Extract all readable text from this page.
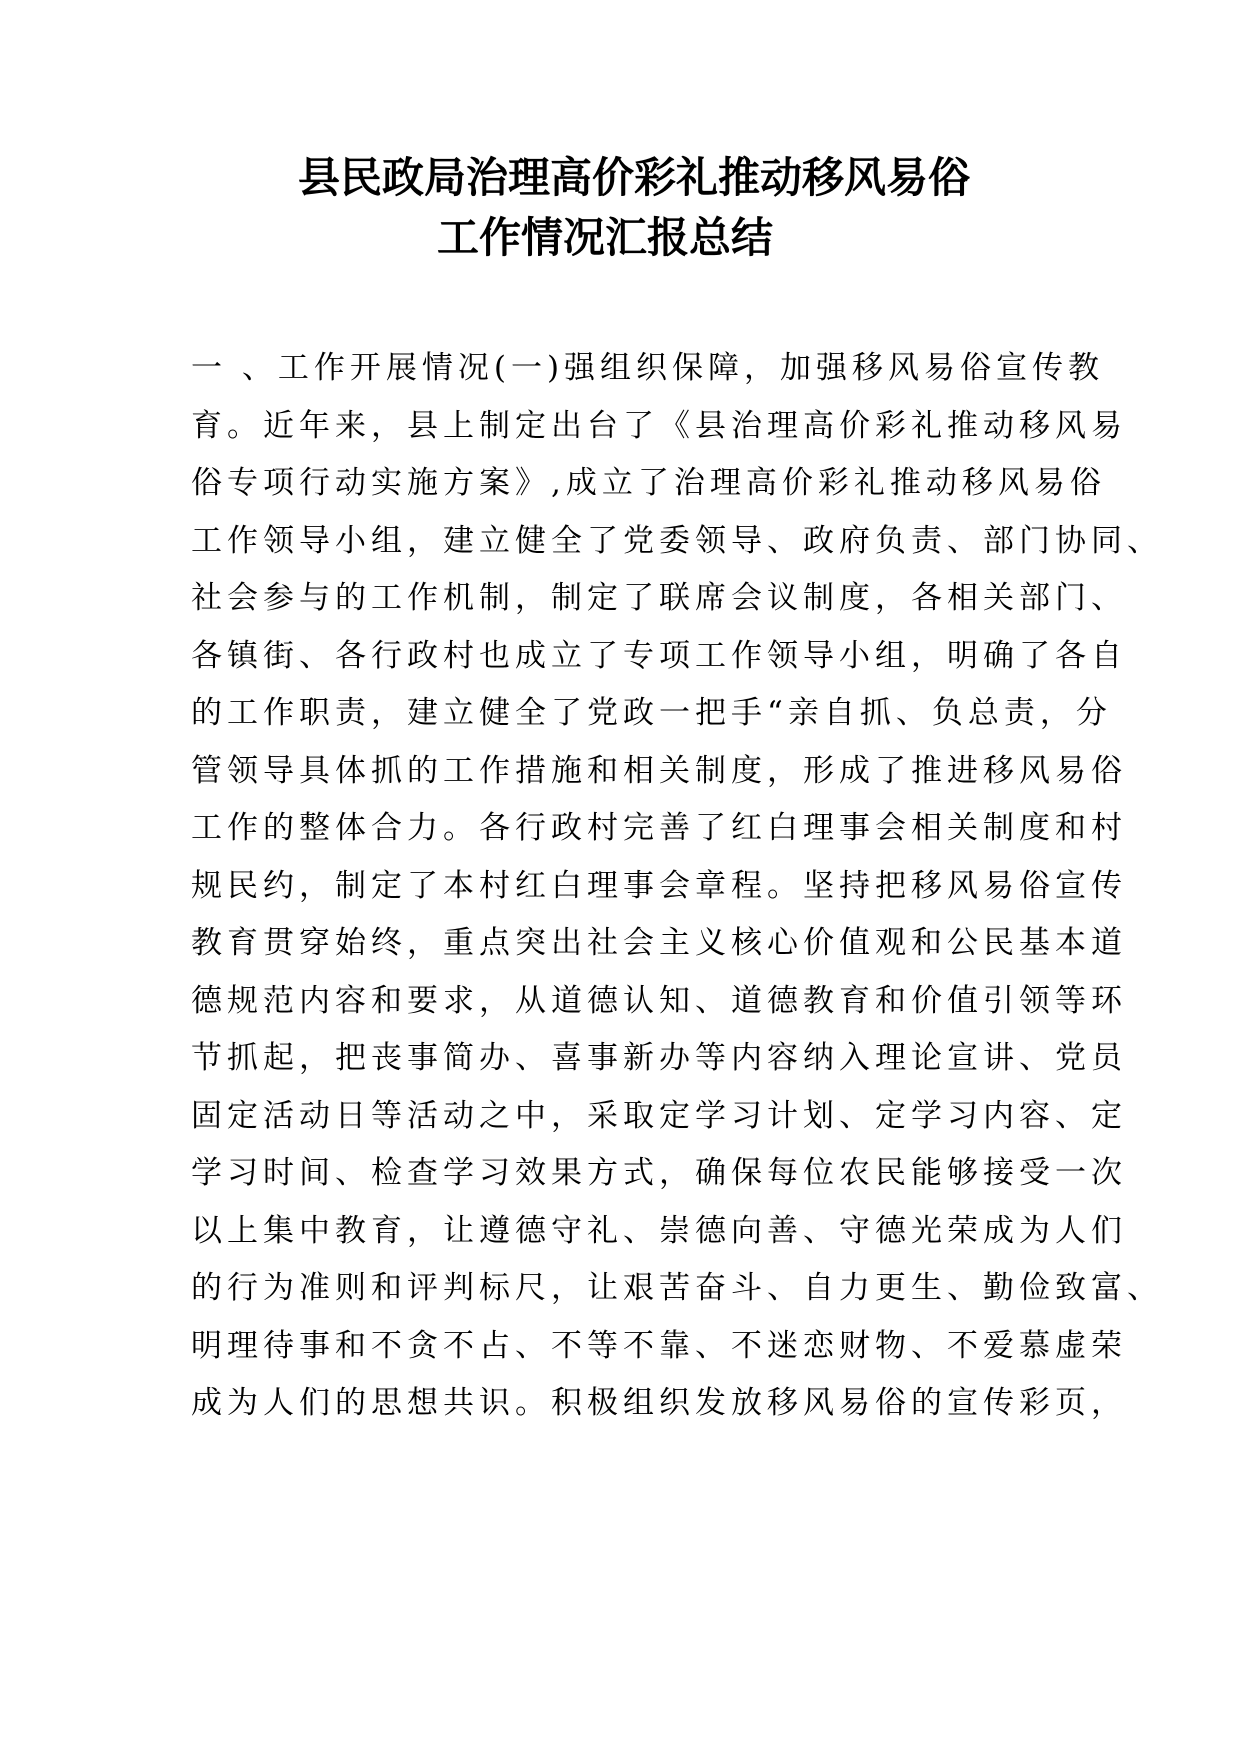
县民政局治理高价彩礼推动移风易俗
工作情况汇报总结
一 、工作开展情况(一)强组织保障，加强移风易俗宣传教
育。近年来，县上制定出台了《县治理高价彩礼推动移风易
俗专项行动实施方案》,成立了治理高价彩礼推动移风易俗
工作领导小组，建立健全了党委领导、政府负责、部门协同、
社会参与的工作机制，制定了联席会议制度，各相关部门、
各镇街、各行政村也成立了专项工作领导小组，明确了各自
的工作职责，建立健全了党政一把手“亲自抓、负总责，分
管领导具体抓的工作措施和相关制度，形成了推进移风易俗
工作的整体合力。各行政村完善了红白理事会相关制度和村
规民约，制定了本村红白理事会章程。坚持把移风易俗宣传
教育贯穿始终，重点突出社会主义核心价值观和公民基本道
德规范内容和要求，从道德认知、道德教育和价值引领等环
节抓起，把丧事简办、喜事新办等内容纳入理论宣讲、党员
固定活动日等活动之中，采取定学习计划、定学习内容、定
学习时间、检查学习效果方式，确保每位农民能够接受一次
以上集中教育，让遵德守礼、崇德向善、守德光荣成为人们
的行为准则和评判标尺，让艰苦奋斗、自力更生、勤俭致富、
明理待事和不贪不占、不等不靠、不迷恋财物、不爱慕虚荣
成为人们的思想共识。积极组织发放移风易俗的宣传彩页，
